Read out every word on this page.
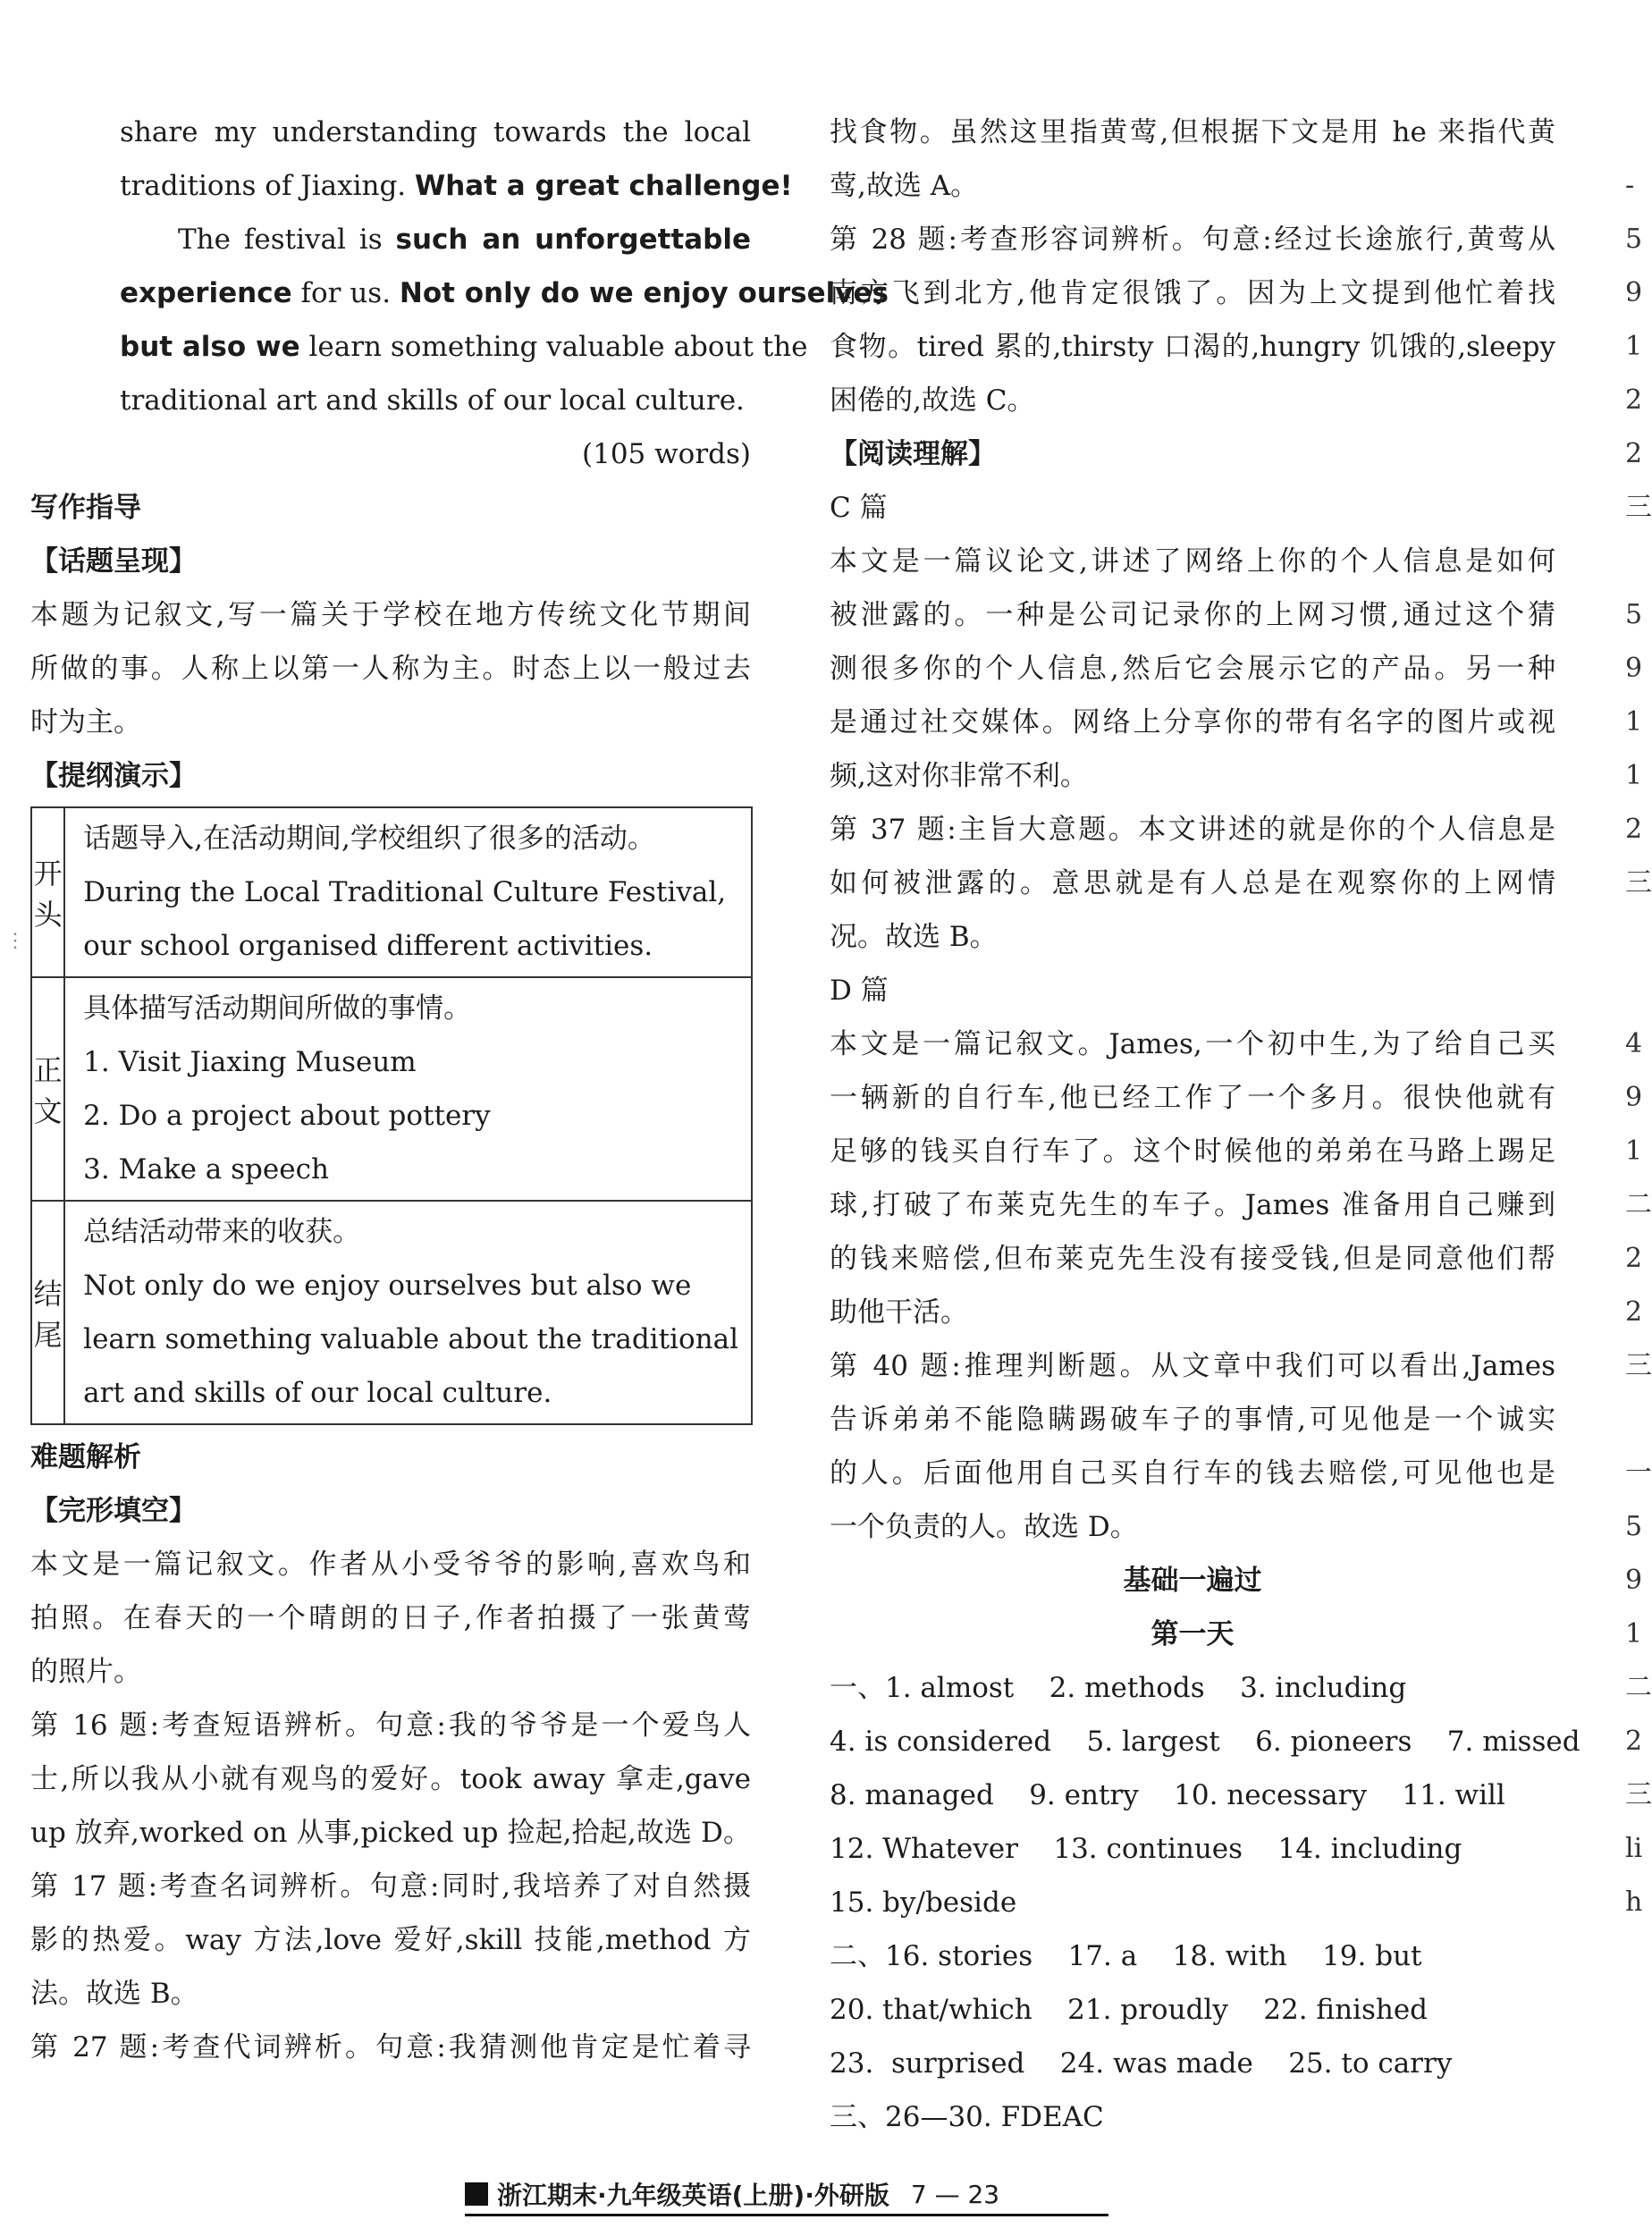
share my understanding towards the local

traditions of Jiaxing. What a great challenge!

The festival is such an unforgettable

experience for us. Not only do we enjoy ourselves

but also we learn something valuable about the

traditional art and skills of our local culture.

(105 words)

写作指导

【话题呈现】

本题为记叙文,写一篇关于学校在地方传统文化节期间

所做的事。人称上以第一人称为主。时态上以一般过去

时为主。

【提纲演示】

开头	话题导入,在活动期间,学校组织了很多的活动。
During the Local Traditional Culture Festival,
our school organised different activities.

正文	具体描写活动期间所做的事情。
1. Visit Jiaxing Museum
2. Do a project about pottery
3. Make a speech

结尾	总结活动带来的收获。
Not only do we enjoy ourselves but also we
learn something valuable about the traditional
art and skills of our local culture.

难题解析

【完形填空】

本文是一篇记叙文。作者从小受爷爷的影响,喜欢鸟和

拍照。在春天的一个晴朗的日子,作者拍摄了一张黄莺

的照片。

第 16 题:考查短语辨析。句意:我的爷爷是一个爱鸟人

士,所以我从小就有观鸟的爱好。took away 拿走,gave

up 放弃,worked on 从事,picked up 捡起,拾起,故选 D。

第 17 题:考查名词辨析。句意:同时,我培养了对自然摄

影的热爱。way 方法,love 爱好,skill 技能,method 方

法。故选 B。

第 27 题:考查代词辨析。句意:我猜测他肯定是忙着寻

找食物。虽然这里指黄莺,但根据下文是用 he 来指代黄

莺,故选 A。

第 28 题:考查形容词辨析。句意:经过长途旅行,黄莺从

南方飞到北方,他肯定很饿了。因为上文提到他忙着找

食物。tired 累的,thirsty 口渴的,hungry 饥饿的,sleepy

困倦的,故选 C。

【阅读理解】

C 篇

本文是一篇议论文,讲述了网络上你的个人信息是如何

被泄露的。一种是公司记录你的上网习惯,通过这个猜

测很多你的个人信息,然后它会展示它的产品。另一种

是通过社交媒体。网络上分享你的带有名字的图片或视

频,这对你非常不利。

第 37 题:主旨大意题。本文讲述的就是你的个人信息是

如何被泄露的。意思就是有人总是在观察你的上网情

况。故选 B。

D 篇

本文是一篇记叙文。James,一个初中生,为了给自己买

一辆新的自行车,他已经工作了一个多月。很快他就有

足够的钱买自行车了。这个时候他的弟弟在马路上踢足

球,打破了布莱克先生的车子。James 准备用自己赚到

的钱来赔偿,但布莱克先生没有接受钱,但是同意他们帮

助他干活。

第 40 题:推理判断题。从文章中我们可以看出,James

告诉弟弟不能隐瞒踢破车子的事情,可见他是一个诚实

的人。后面他用自己买自行车的钱去赔偿,可见他也是

一个负责的人。故选 D。

基础一遍过

第一天

一、1. almost    2. methods    3. including

4. is considered    5. largest    6. pioneers    7. missed

8. managed    9. entry    10. necessary    11. will

12. Whatever    13. continues    14. including

15. by/beside

二、16. stories    17. a    18. with    19. but

20. that/which    21. proudly    22. finished

23.  surprised    24. was made    25. to carry

三、26—30. FDEAC

-
5
9
1
2
2
三
5
9
1
1
2
三
4
9
1
二
2
2
三
一
5
9
1
二
2
三
li
h
⋮
浙江期末·九年级英语(上册)·外研版 7 — 23
